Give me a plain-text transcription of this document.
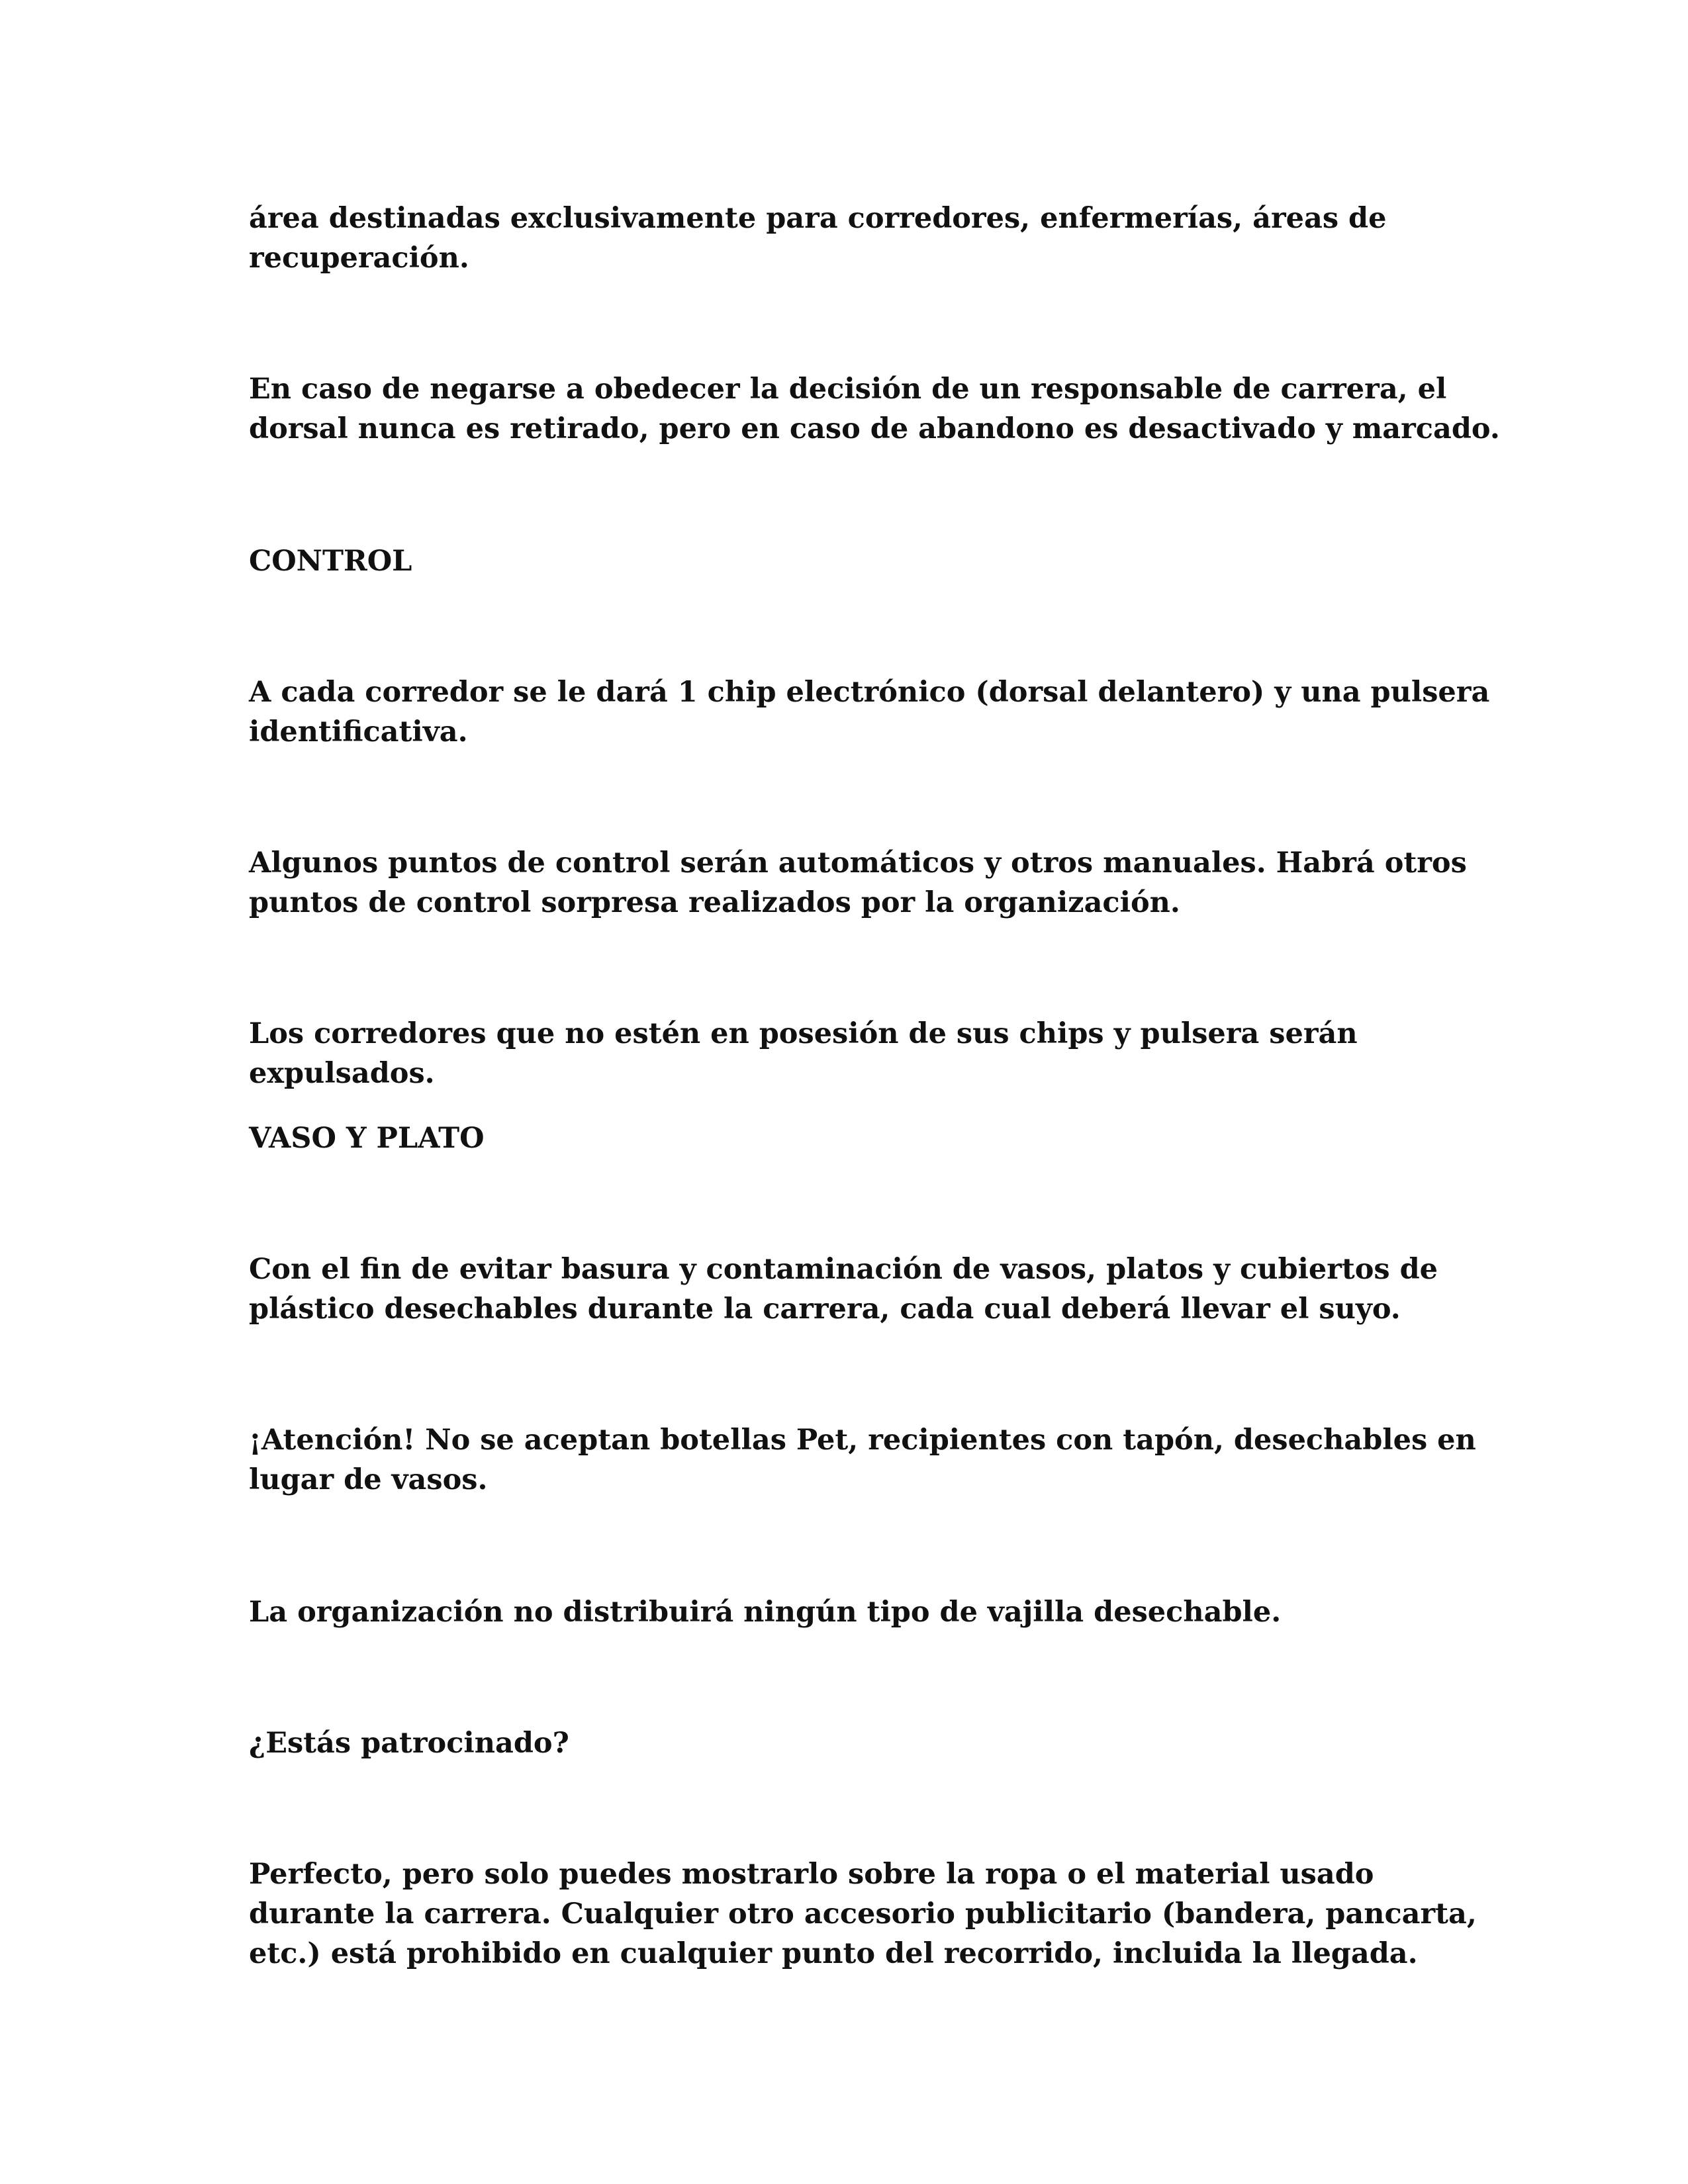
área destinadas exclusivamente para corredores, enfermerías, áreas de
recuperación.

En caso de negarse a obedecer la decisión de un responsable de carrera, el
dorsal nunca es retirado, pero en caso de abandono es desactivado y marcado.

CONTROL

A cada corredor se le dará 1 chip electrónico (dorsal delantero) y una pulsera
identificativa.

Algunos puntos de control serán automáticos y otros manuales. Habrá otros
puntos de control sorpresa realizados por la organización.

Los corredores que no estén en posesión de sus chips y pulsera serán
expulsados.

VASO Y PLATO

Con el fin de evitar basura y contaminación de vasos, platos y cubiertos de
plástico desechables durante la carrera, cada cual deberá llevar el suyo.

¡Atención! No se aceptan botellas Pet, recipientes con tapón, desechables en
lugar de vasos.

La organización no distribuirá ningún tipo de vajilla desechable.

¿Estás patrocinado?

Perfecto, pero solo puedes mostrarlo sobre la ropa o el material usado
durante la carrera. Cualquier otro accesorio publicitario (bandera, pancarta,
etc.) está prohibido en cualquier punto del recorrido, incluida la llegada.
